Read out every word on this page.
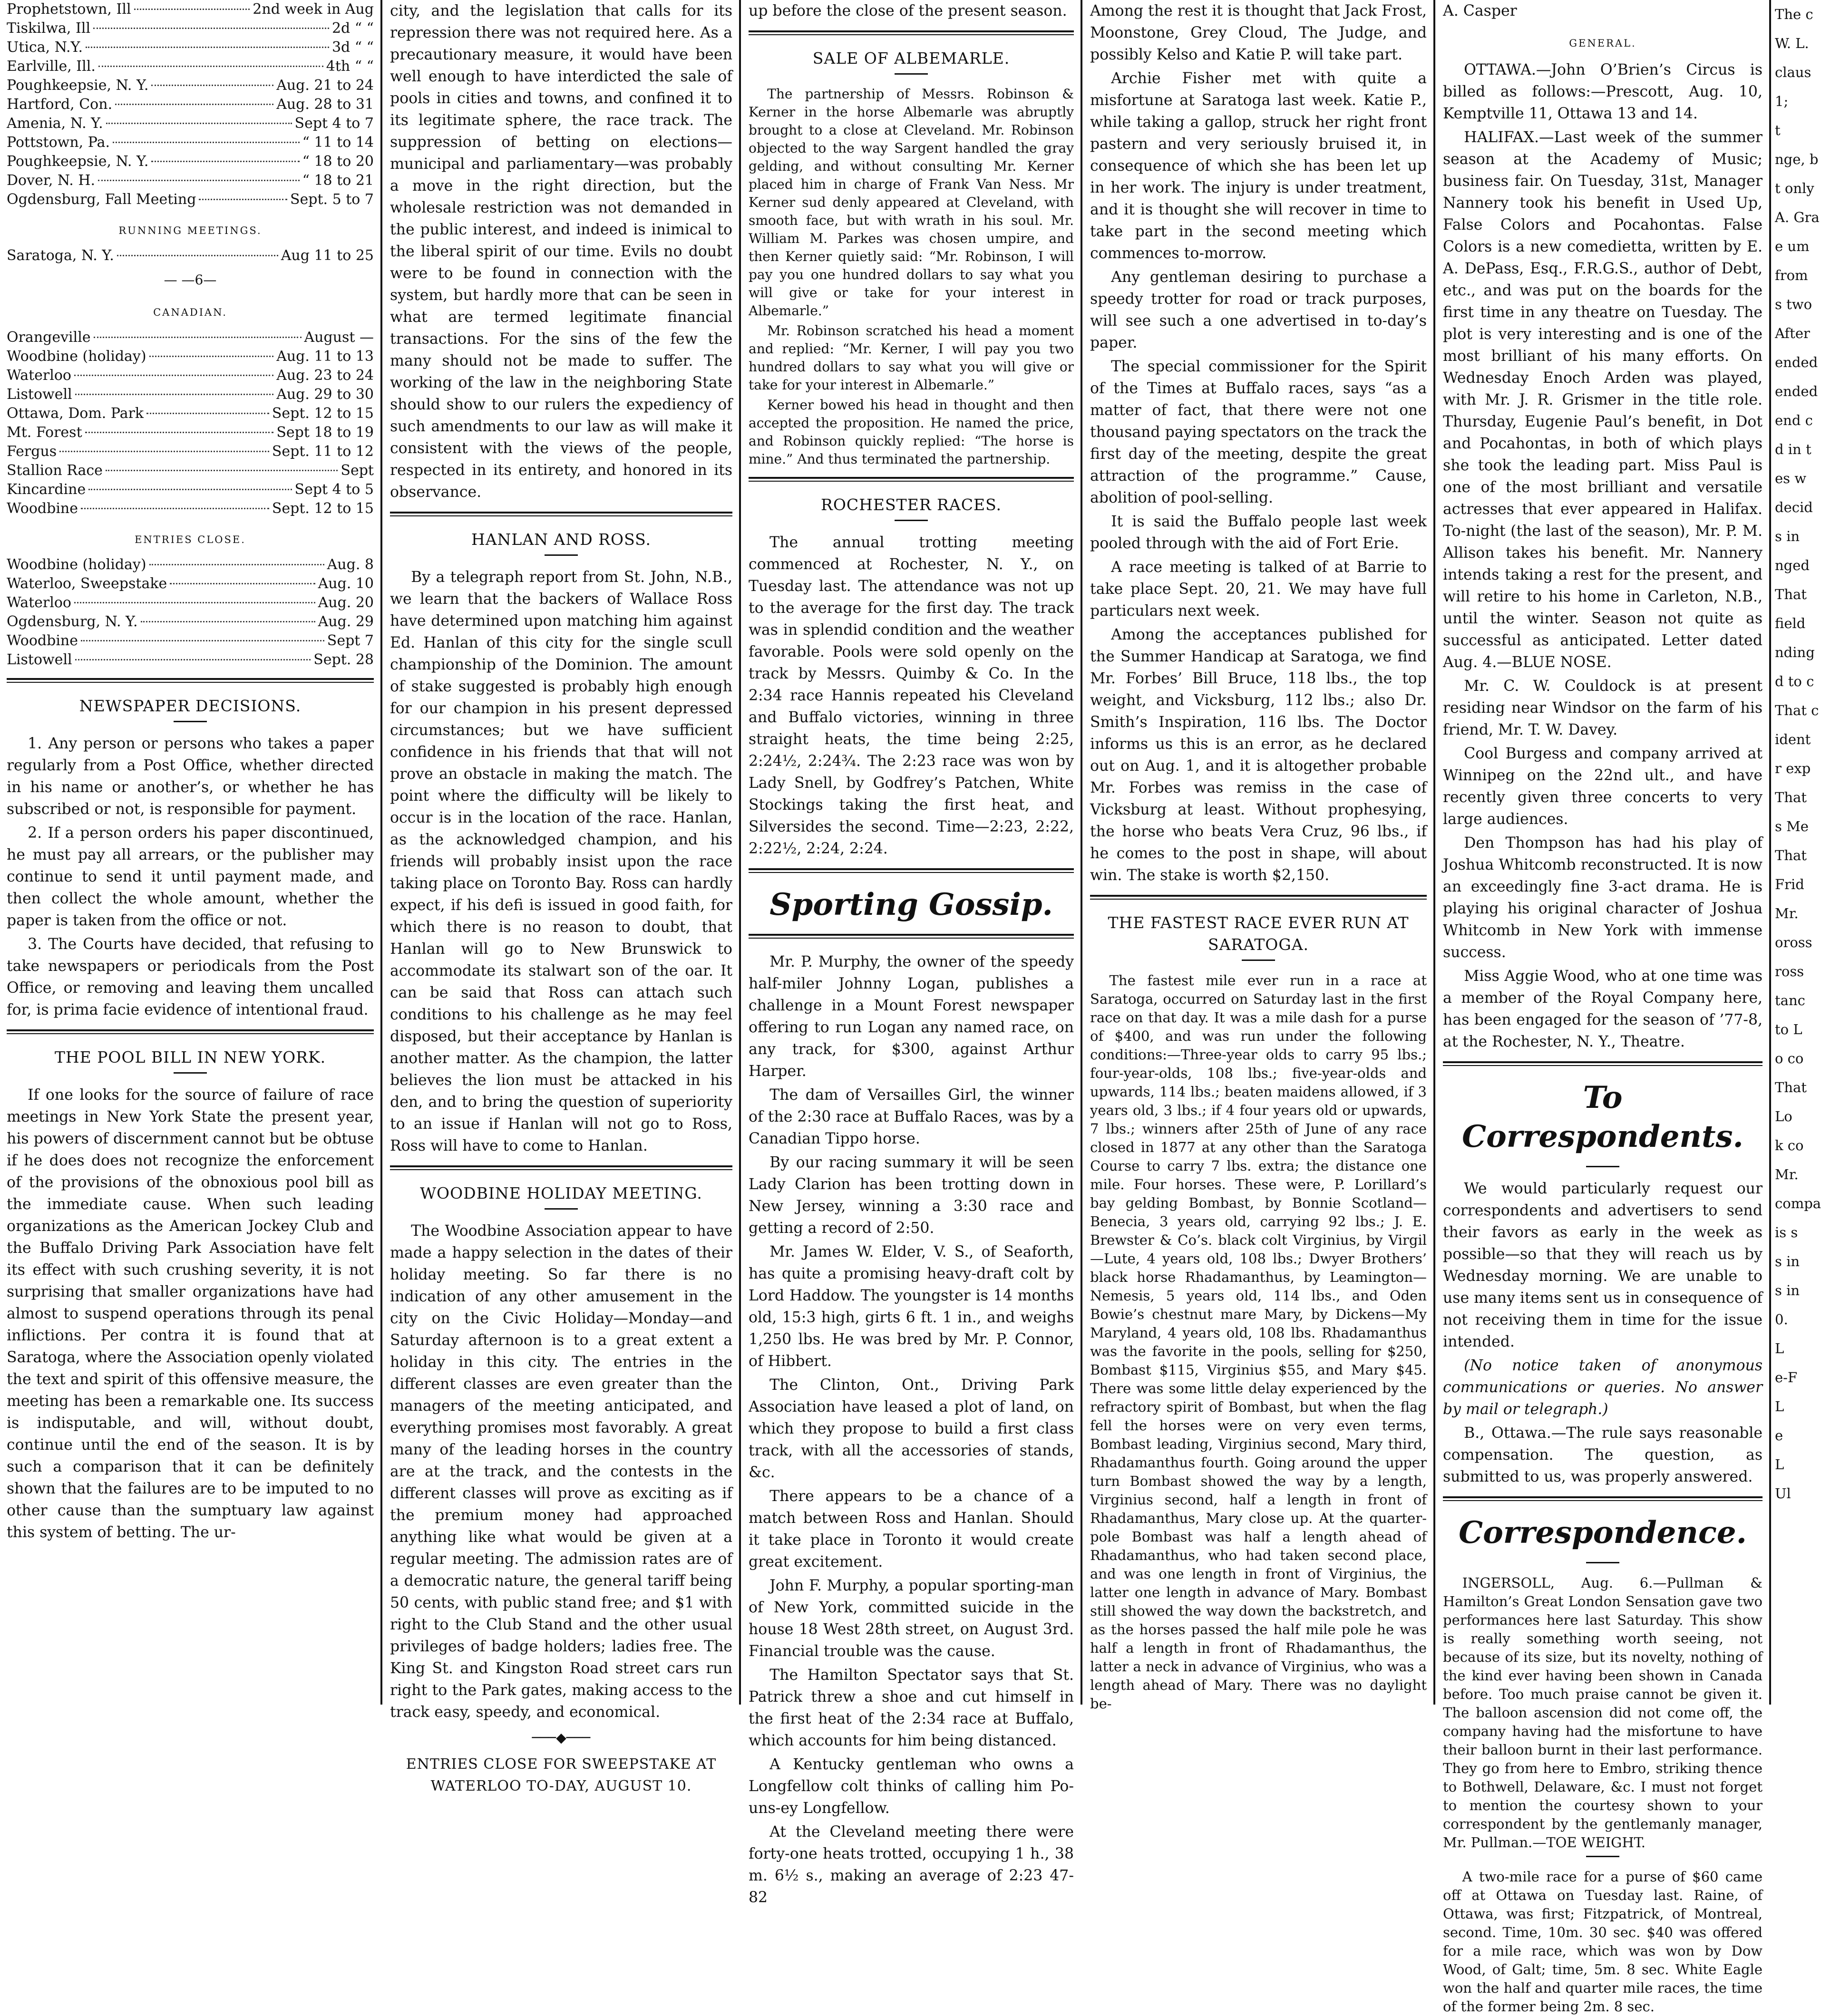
Prophetstown, Ill	2nd week in Aug
Tiskilwa, Ill	2d “ “
Utica, N.Y.	3d “ “
Earlville, Ill.	4th “ “
Poughkeepsie, N. Y.	Aug. 21 to 24
Hartford, Con.	Aug. 28 to 31
Amenia, N. Y.	Sept 4 to 7
Pottstown, Pa.	“ 11 to 14
Poughkeepsie, N. Y.	“ 18 to 20
Dover, N. H.	“ 18 to 21
Ogdensburg, Fall Meeting	Sept. 5 to 7
RUNNING MEETINGS.
Saratoga, N. Y.	Aug 11 to 25
— —6—
CANADIAN.
Orangeville	August —
Woodbine (holiday)	Aug. 11 to 13
Waterloo	Aug. 23 to 24
Listowell	Aug. 29 to 30
Ottawa, Dom. Park	Sept. 12 to 15
Mt. Forest	Sept 18 to 19
Fergus	Sept. 11 to 12
Stallion Race	Sept
Kincardine	Sept 4 to 5
Woodbine	Sept. 12 to 15
ENTRIES CLOSE.
Woodbine (holiday)	Aug. 8
Waterloo, Sweepstake	Aug. 10
Waterloo	Aug. 20
Ogdensburg, N. Y.	Aug. 29
Woodbine	Sept 7
Listowell	Sept. 28
NEWSPAPER DECISIONS.

1. Any person or persons who takes a paper regularly from a Post Office, whether directed in his name or another’s, or whether he has subscribed or not, is responsible for payment.

2. If a person orders his paper discontinued, he must pay all arrears, or the publisher may continue to send it until payment made, and then collect the whole amount, whether the paper is taken from the office or not.

3. The Courts have decided, that refusing to take newspapers or periodicals from the Post Office, or removing and leaving them uncalled for, is prima facie evidence of intentional fraud.

THE POOL BILL IN NEW YORK.

If one looks for the source of failure of race meetings in New York State the present year, his powers of discernment cannot but be obtuse if he does does not recognize the enforcement of the provisions of the obnoxious pool bill as the immediate cause. When such leading organizations as the American Jockey Club and the Buffalo Driving Park Association have felt its effect with such crushing severity, it is not surprising that smaller organizations have had almost to suspend operations through its penal inflictions. Per contra it is found that at Saratoga, where the Association openly violated the text and spirit of this offensive measure, the meeting has been a remarkable one. Its success is indisputable, and will, without doubt, continue until the end of the season. It is by such a comparison that it can be definitely shown that the failures are to be imputed to no other cause than the sumptuary law against this system of betting. The ur-

city, and the legislation that calls for its repression there was not required here. As a precautionary measure, it would have been well enough to have interdicted the sale of pools in cities and towns, and confined it to its legitimate sphere, the race track. The suppression of betting on elections—municipal and parliamentary—was probably a move in the right direction, but the wholesale restriction was not demanded in the public interest, and indeed is inimical to the liberal spirit of our time. Evils no doubt were to be found in connection with the system, but hardly more that can be seen in what are termed legitimate financial transactions. For the sins of the few the many should not be made to suffer. The working of the law in the neighboring State should show to our rulers the expediency of such amendments to our law as will make it consistent with the views of the people, respected in its entirety, and honored in its observance.

HANLAN AND ROSS.

By a telegraph report from St. John, N.B., we learn that the backers of Wallace Ross have determined upon matching him against Ed. Hanlan of this city for the single scull championship of the Dominion. The amount of stake suggested is probably high enough for our champion in his present depressed circumstances; but we have sufficient confidence in his friends that that will not prove an obstacle in making the match. The point where the difficulty will be likely to occur is in the location of the race. Hanlan, as the acknowledged champion, and his friends will probably insist upon the race taking place on Toronto Bay. Ross can hardly expect, if his defi is issued in good faith, for which there is no reason to doubt, that Hanlan will go to New Brunswick to accommodate its stalwart son of the oar. It can be said that Ross can attach such conditions to his challenge as he may feel disposed, but their acceptance by Hanlan is another matter. As the champion, the latter believes the lion must be attacked in his den, and to bring the question of superiority to an issue if Hanlan will not go to Ross, Ross will have to come to Hanlan.

WOODBINE HOLIDAY MEETING.

The Woodbine Association appear to have made a happy selection in the dates of their holiday meeting. So far there is no indication of any other amusement in the city on the Civic Holiday—Monday—and Saturday afternoon is to a great extent a holiday in this city. The entries in the different classes are even greater than the managers of the meeting anticipated, and everything promises most favorably. A great many of the leading horses in the country are at the track, and the contests in the different classes will prove as exciting as if the premium money had approached anything like what would be given at a regular meeting. The admission rates are of a democratic nature, the general tariff being 50 cents, with public stand free; and $1 with right to the Club Stand and the other usual privileges of badge holders; ladies free. The King St. and Kingston Road street cars run right to the Park gates, making access to the track easy, speedy, and economical.

───◆───
ENTRIES CLOSE FOR SWEEPSTAKE AT WATERLOO TO-DAY, AUGUST 10.

up before the close of the present season.

SALE OF ALBEMARLE.

The partnership of Messrs. Robinson & Kerner in the horse Albemarle was abruptly brought to a close at Cleveland. Mr. Robinson objected to the way Sargent handled the gray gelding, and without consulting Mr. Kerner placed him in charge of Frank Van Ness. Mr Kerner sud denly appeared at Cleveland, with smooth face, but with wrath in his soul. Mr. William M. Parkes was chosen umpire, and then Kerner quietly said: “Mr. Robinson, I will pay you one hundred dollars to say what you will give or take for your interest in Albemarle.”

Mr. Robinson scratched his head a moment and replied: “Mr. Kerner, I will pay you two hundred dollars to say what you will give or take for your interest in Albemarle.”

Kerner bowed his head in thought and then accepted the proposition. He named the price, and Robinson quickly replied: “The horse is mine.” And thus terminated the partnership.

ROCHESTER RACES.

The annual trotting meeting commenced at Rochester, N. Y., on Tuesday last. The attendance was not up to the average for the first day. The track was in splendid condition and the weather favorable. Pools were sold openly on the track by Messrs. Quimby & Co. In the 2:34 race Hannis repeated his Cleveland and Buffalo victories, winning in three straight heats, the time being 2:25, 2:24½, 2:24¾. The 2:23 race was won by Lady Snell, by Godfrey’s Patchen, White Stockings taking the first heat, and Silversides the second. Time—2:23, 2:22, 2:22½, 2:24, 2:24.

Sporting Gossip.

Mr. P. Murphy, the owner of the speedy half-miler Johnny Logan, publishes a challenge in a Mount Forest newspaper offering to run Logan any named race, on any track, for $300, against Arthur Harper.

The dam of Versailles Girl, the winner of the 2:30 race at Buffalo Races, was by a Canadian Tippo horse.

By our racing summary it will be seen Lady Clarion has been trotting down in New Jersey, winning a 3:30 race and getting a record of 2:50.

Mr. James W. Elder, V. S., of Seaforth, has quite a promising heavy-draft colt by Lord Haddow. The youngster is 14 months old, 15:3 high, girts 6 ft. 1 in., and weighs 1,250 lbs. He was bred by Mr. P. Connor, of Hibbert.

The Clinton, Ont., Driving Park Association have leased a plot of land, on which they propose to build a first class track, with all the accessories of stands, &c.

There appears to be a chance of a match between Ross and Hanlan. Should it take place in Toronto it would create great excitement.

John F. Murphy, a popular sporting-man of New York, committed suicide in the house 18 West 28th street, on August 3rd. Financial trouble was the cause.

The Hamilton Spectator says that St. Patrick threw a shoe and cut himself in the first heat of the 2:34 race at Buffalo, which accounts for him being distanced.

A Kentucky gentleman who owns a Longfellow colt thinks of calling him Po-uns-ey Longfellow.

At the Cleveland meeting there were forty-one heats trotted, occupying 1 h., 38 m. 6½ s., making an average of 2:23 47-82

Among the rest it is thought that Jack Frost, Moonstone, Grey Cloud, The Judge, and possibly Kelso and Katie P. will take part.

Archie Fisher met with quite a misfortune at Saratoga last week. Katie P., while taking a gallop, struck her right front pastern and very seriously bruised it, in consequence of which she has been let up in her work. The injury is under treatment, and it is thought she will recover in time to take part in the second meeting which commences to-morrow.

Any gentleman desiring to purchase a speedy trotter for road or track purposes, will see such a one advertised in to-day’s paper.

The special commissioner for the Spirit of the Times at Buffalo races, says “as a matter of fact, that there were not one thousand paying spectators on the track the first day of the meeting, despite the great attraction of the programme.” Cause, abolition of pool-selling.

It is said the Buffalo people last week pooled through with the aid of Fort Erie.

A race meeting is talked of at Barrie to take place Sept. 20, 21. We may have full particulars next week.

Among the acceptances published for the Summer Handicap at Saratoga, we find Mr. Forbes’ Bill Bruce, 118 lbs., the top weight, and Vicksburg, 112 lbs.; also Dr. Smith’s Inspiration, 116 lbs. The Doctor informs us this is an error, as he declared out on Aug. 1, and it is altogether probable Mr. Forbes was remiss in the case of Vicksburg at least. Without prophesying, the horse who beats Vera Cruz, 96 lbs., if he comes to the post in shape, will about win. The stake is worth $2,150.

THE FASTEST RACE EVER RUN AT SARATOGA.

The fastest mile ever run in a race at Saratoga, occurred on Saturday last in the first race on that day. It was a mile dash for a purse of $400, and was run under the following conditions:—Three-year olds to carry 95 lbs.; four-year-olds, 108 lbs.; five-year-olds and upwards, 114 lbs.; beaten maidens allowed, if 3 years old, 3 lbs.; if 4 four years old or upwards, 7 lbs.; winners after 25th of June of any race closed in 1877 at any other than the Saratoga Course to carry 7 lbs. extra; the distance one mile. Four horses. These were, P. Lorillard’s bay gelding Bombast, by Bonnie Scotland—Benecia, 3 years old, carrying 92 lbs.; J. E. Brewster & Co’s. black colt Virginius, by Virgil—Lute, 4 years old, 108 lbs.; Dwyer Brothers’ black horse Rhadamanthus, by Leamington—Nemesis, 5 years old, 114 lbs., and Oden Bowie’s chestnut mare Mary, by Dickens—My Maryland, 4 years old, 108 lbs. Rhadamanthus was the favorite in the pools, selling for $250, Bombast $115, Virginius $55, and Mary $45. There was some little delay experienced by the refractory spirit of Bombast, but when the flag fell the horses were on very even terms, Bombast leading, Virginius second, Mary third, Rhadamanthus fourth. Going around the upper turn Bombast showed the way by a length, Virginius second, half a length in front of Rhadamanthus, Mary close up. At the quarter-pole Bombast was half a length ahead of Rhadamanthus, who had taken second place, and was one length in front of Virginius, the latter one length in advance of Mary. Bombast still showed the way down the backstretch, and as the horses passed the half mile pole he was half a length in front of Rhadamanthus, the latter a neck in advance of Virginius, who was a length ahead of Mary. There was no daylight be-

A. Casper

GENERAL.

OTTAWA.—John O’Brien’s Circus is billed as follows:—Prescott, Aug. 10, Kemptville 11, Ottawa 13 and 14.

HALIFAX.—Last week of the summer season at the Academy of Music; business fair. On Tuesday, 31st, Manager Nannery took his benefit in Used Up, False Colors and Pocahontas. False Colors is a new comedietta, written by E. A. DePass, Esq., F.R.G.S., author of Debt, etc., and was put on the boards for the first time in any theatre on Tuesday. The plot is very interesting and is one of the most brilliant of his many efforts. On Wednesday Enoch Arden was played, with Mr. J. R. Grismer in the title role. Thursday, Eugenie Paul’s benefit, in Dot and Pocahontas, in both of which plays she took the leading part. Miss Paul is one of the most brilliant and versatile actresses that ever appeared in Halifax. To-night (the last of the season), Mr. P. M. Allison takes his benefit. Mr. Nannery intends taking a rest for the present, and will retire to his home in Carleton, N.B., until the winter. Season not quite as successful as anticipated. Letter dated Aug. 4.—BLUE NOSE.

Mr. C. W. Couldock is at present residing near Windsor on the farm of his friend, Mr. T. W. Davey.

Cool Burgess and company arrived at Winnipeg on the 22nd ult., and have recently given three concerts to very large audiences.

Den Thompson has had his play of Joshua Whitcomb reconstructed. It is now an exceedingly fine 3-act drama. He is playing his original character of Joshua Whitcomb in New York with immense success.

Miss Aggie Wood, who at one time was a member of the Royal Company here, has been engaged for the season of ’77-8, at the Rochester, N. Y., Theatre.

To Correspondents.

We would particularly request our correspondents and advertisers to send their favors as early in the week as possible—so that they will reach us by Wednesday morning. We are unable to use many items sent us in consequence of not receiving them in time for the issue intended.

(No notice taken of anonymous communications or queries. No answer by mail or telegraph.)

B., Ottawa.—The rule says reasonable compensation. The question, as submitted to us, was properly answered.

Correspondence.

INGERSOLL, Aug. 6.—Pullman & Hamilton’s Great London Sensation gave two performances here last Saturday. This show is really something worth seeing, not because of its size, but its novelty, nothing of the kind ever having been shown in Canada before. Too much praise cannot be given it. The balloon ascension did not come off, the company having had the misfortune to have their balloon burnt in their last performance. They go from here to Embro, striking thence to Bothwell, Delaware, &c. I must not forget to mention the courtesy shown to your correspondent by the gentlemanly manager, Mr. Pullman.—TOE WEIGHT.

A two-mile race for a purse of $60 came off at Ottawa on Tuesday last. Raine, of Ottawa, was first; Fitzpatrick, of Montreal, second. Time, 10m. 30 sec. $40 was offered for a mile race, which was won by Dow Wood, of Galt; time, 5m. 8 sec. White Eagle won the half and quarter mile races, the time of the former being 2m. 8 sec.

The c
W. L.
claus
1;
t
nge, b
t only
A. Gra
e um
from
s two
After
ended
ended
end c
d in t
es w
decid
s in
nged
That
field
nding
d to c
That c
ident
r exp
That
s Me
That
Frid
Mr.
oross
ross
tanc
to L
o co
That
Lo
k co
Mr.
compa
is s
s in
s in
0.
L
e-F
L
e
L
Ul
